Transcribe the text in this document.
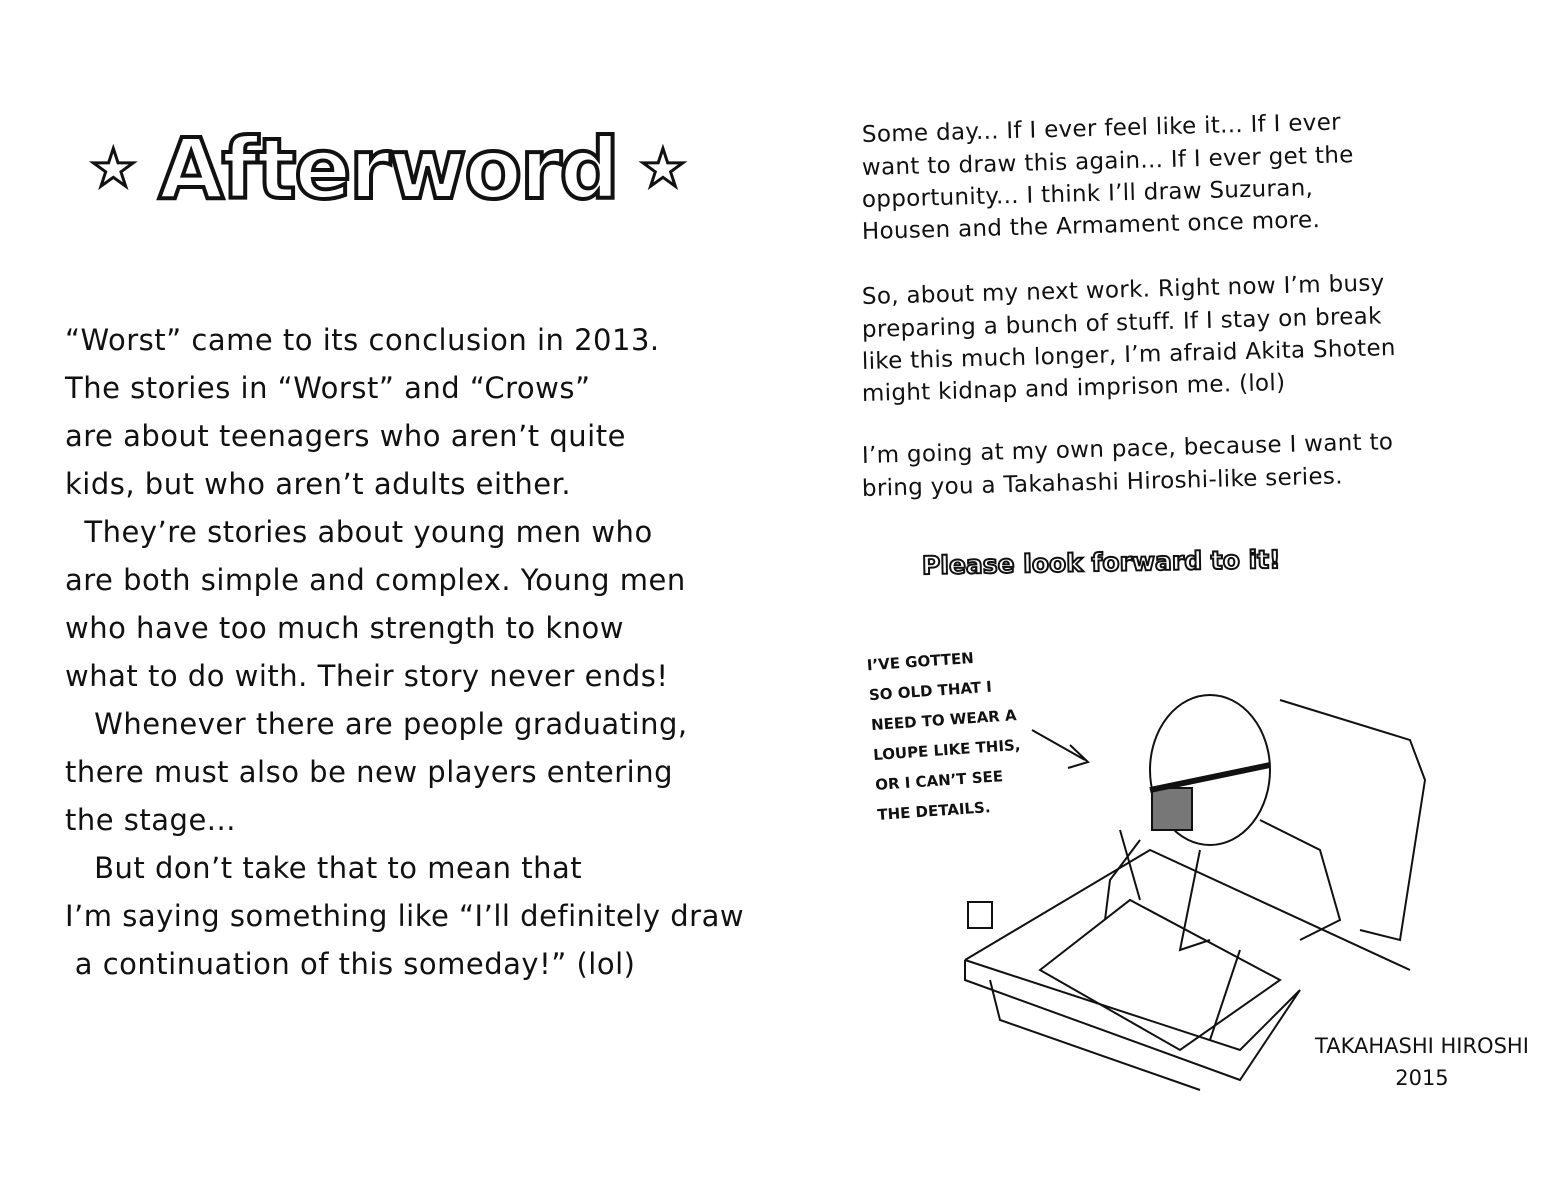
★ Afterword ★
“Worst” came to its conclusion in 2013.
The stories in “Worst” and “Crows”
are about teenagers who aren’t quite
kids, but who aren’t adults either.
They’re stories about young men who
are both simple and complex. Young men
who have too much strength to know
what to do with. Their story never ends!
Whenever there are people graduating,
there must also be new players entering
the stage...
But don’t take that to mean that
I’m saying something like “I’ll definitely draw
a continuation of this someday!” (lol)
Some day... If I ever feel like it... If I ever
want to draw this again... If I ever get the
opportunity... I think I’ll draw Suzuran,
Housen and the Armament once more.
So, about my next work. Right now I’m busy
preparing a bunch of stuff. If I stay on break
like this much longer, I’m afraid Akita Shoten
might kidnap and imprison me. (lol)
I’m going at my own pace, because I want to
bring you a Takahashi Hiroshi-like series.
Please look forward to it!
I’VE GOTTEN
SO OLD THAT I
NEED TO WEAR A
LOUPE LIKE THIS,
OR I CAN’T SEE
THE DETAILS.
TAKAHASHI HIROSHI
2015
